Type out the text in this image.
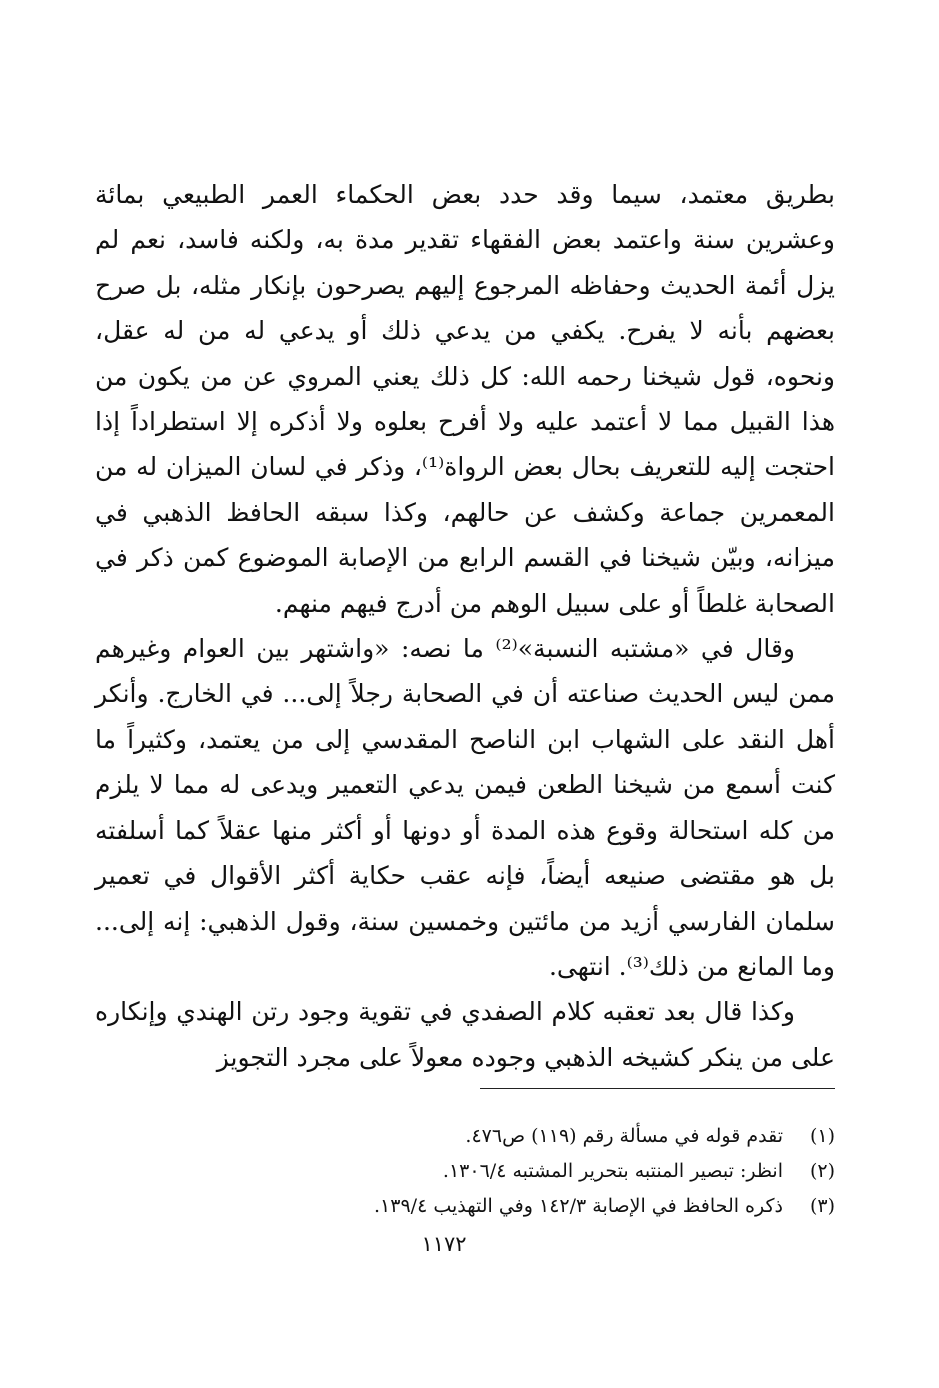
بطريق معتمد، سيما وقد حدد بعض الحكماء العمر الطبيعي بمائة وعشرين سنة واعتمد بعض الفقهاء تقدير مدة به، ولكنه فاسد، نعم لم يزل أئمة الحديث وحفاظه المرجوع إليهم يصرحون بإنكار مثله، بل صرح بعضهم بأنه لا يفرح. يكفي من يدعي ذلك أو يدعي له من له عقل، ونحوه، قول شيخنا رحمه الله: كل ذلك يعني المروي عن من يكون من هذا القبيل مما لا أعتمد عليه ولا أفرح بعلوه ولا أذكره إلا استطراداً إذا احتجت إليه للتعريف بحال بعض الرواة⁽¹⁾، وذكر في لسان الميزان له من المعمرين جماعة وكشف عن حالهم، وكذا سبقه الحافظ الذهبي في ميزانه، وبيّن شيخنا في القسم الرابع من الإصابة الموضوع كمن ذكر في الصحابة غلطاً أو على سبيل الوهم من أدرج فيهم منهم.

وقال في «مشتبه النسبة»⁽²⁾ ما نصه: «واشتهر بين العوام وغيرهم ممن ليس الحديث صناعته أن في الصحابة رجلاً إلى... في الخارج. وأنكر أهل النقد على الشهاب ابن الناصح المقدسي إلى من يعتمد، وكثيراً ما كنت أسمع من شيخنا الطعن فيمن يدعي التعمير ويدعى له مما لا يلزم من كله استحالة وقوع هذه المدة أو دونها أو أكثر منها عقلاً كما أسلفته بل هو مقتضى صنيعه أيضاً، فإنه عقب حكاية أكثر الأقوال في تعمير سلمان الفارسي أزيد من مائتين وخمسين سنة، وقول الذهبي: إنه إلى... وما المانع من ذلك⁽³⁾. انتهى.

وكذا قال بعد تعقبه كلام الصفدي في تقوية وجود رتن الهندي وإنكاره على من ينكر كشيخه الذهبي وجوده معولاً على مجرد التجويز

(١)
تقدم قوله في مسألة رقم (١١٩) ص٤٧٦.
(٢)
انظر: تبصير المنتبه بتحرير المشتبه ١٣٠٦/٤.
(٣)
ذكره الحافظ في الإصابة ١٤٢/٣ وفي التهذيب ١٣٩/٤.
١١٧٢
